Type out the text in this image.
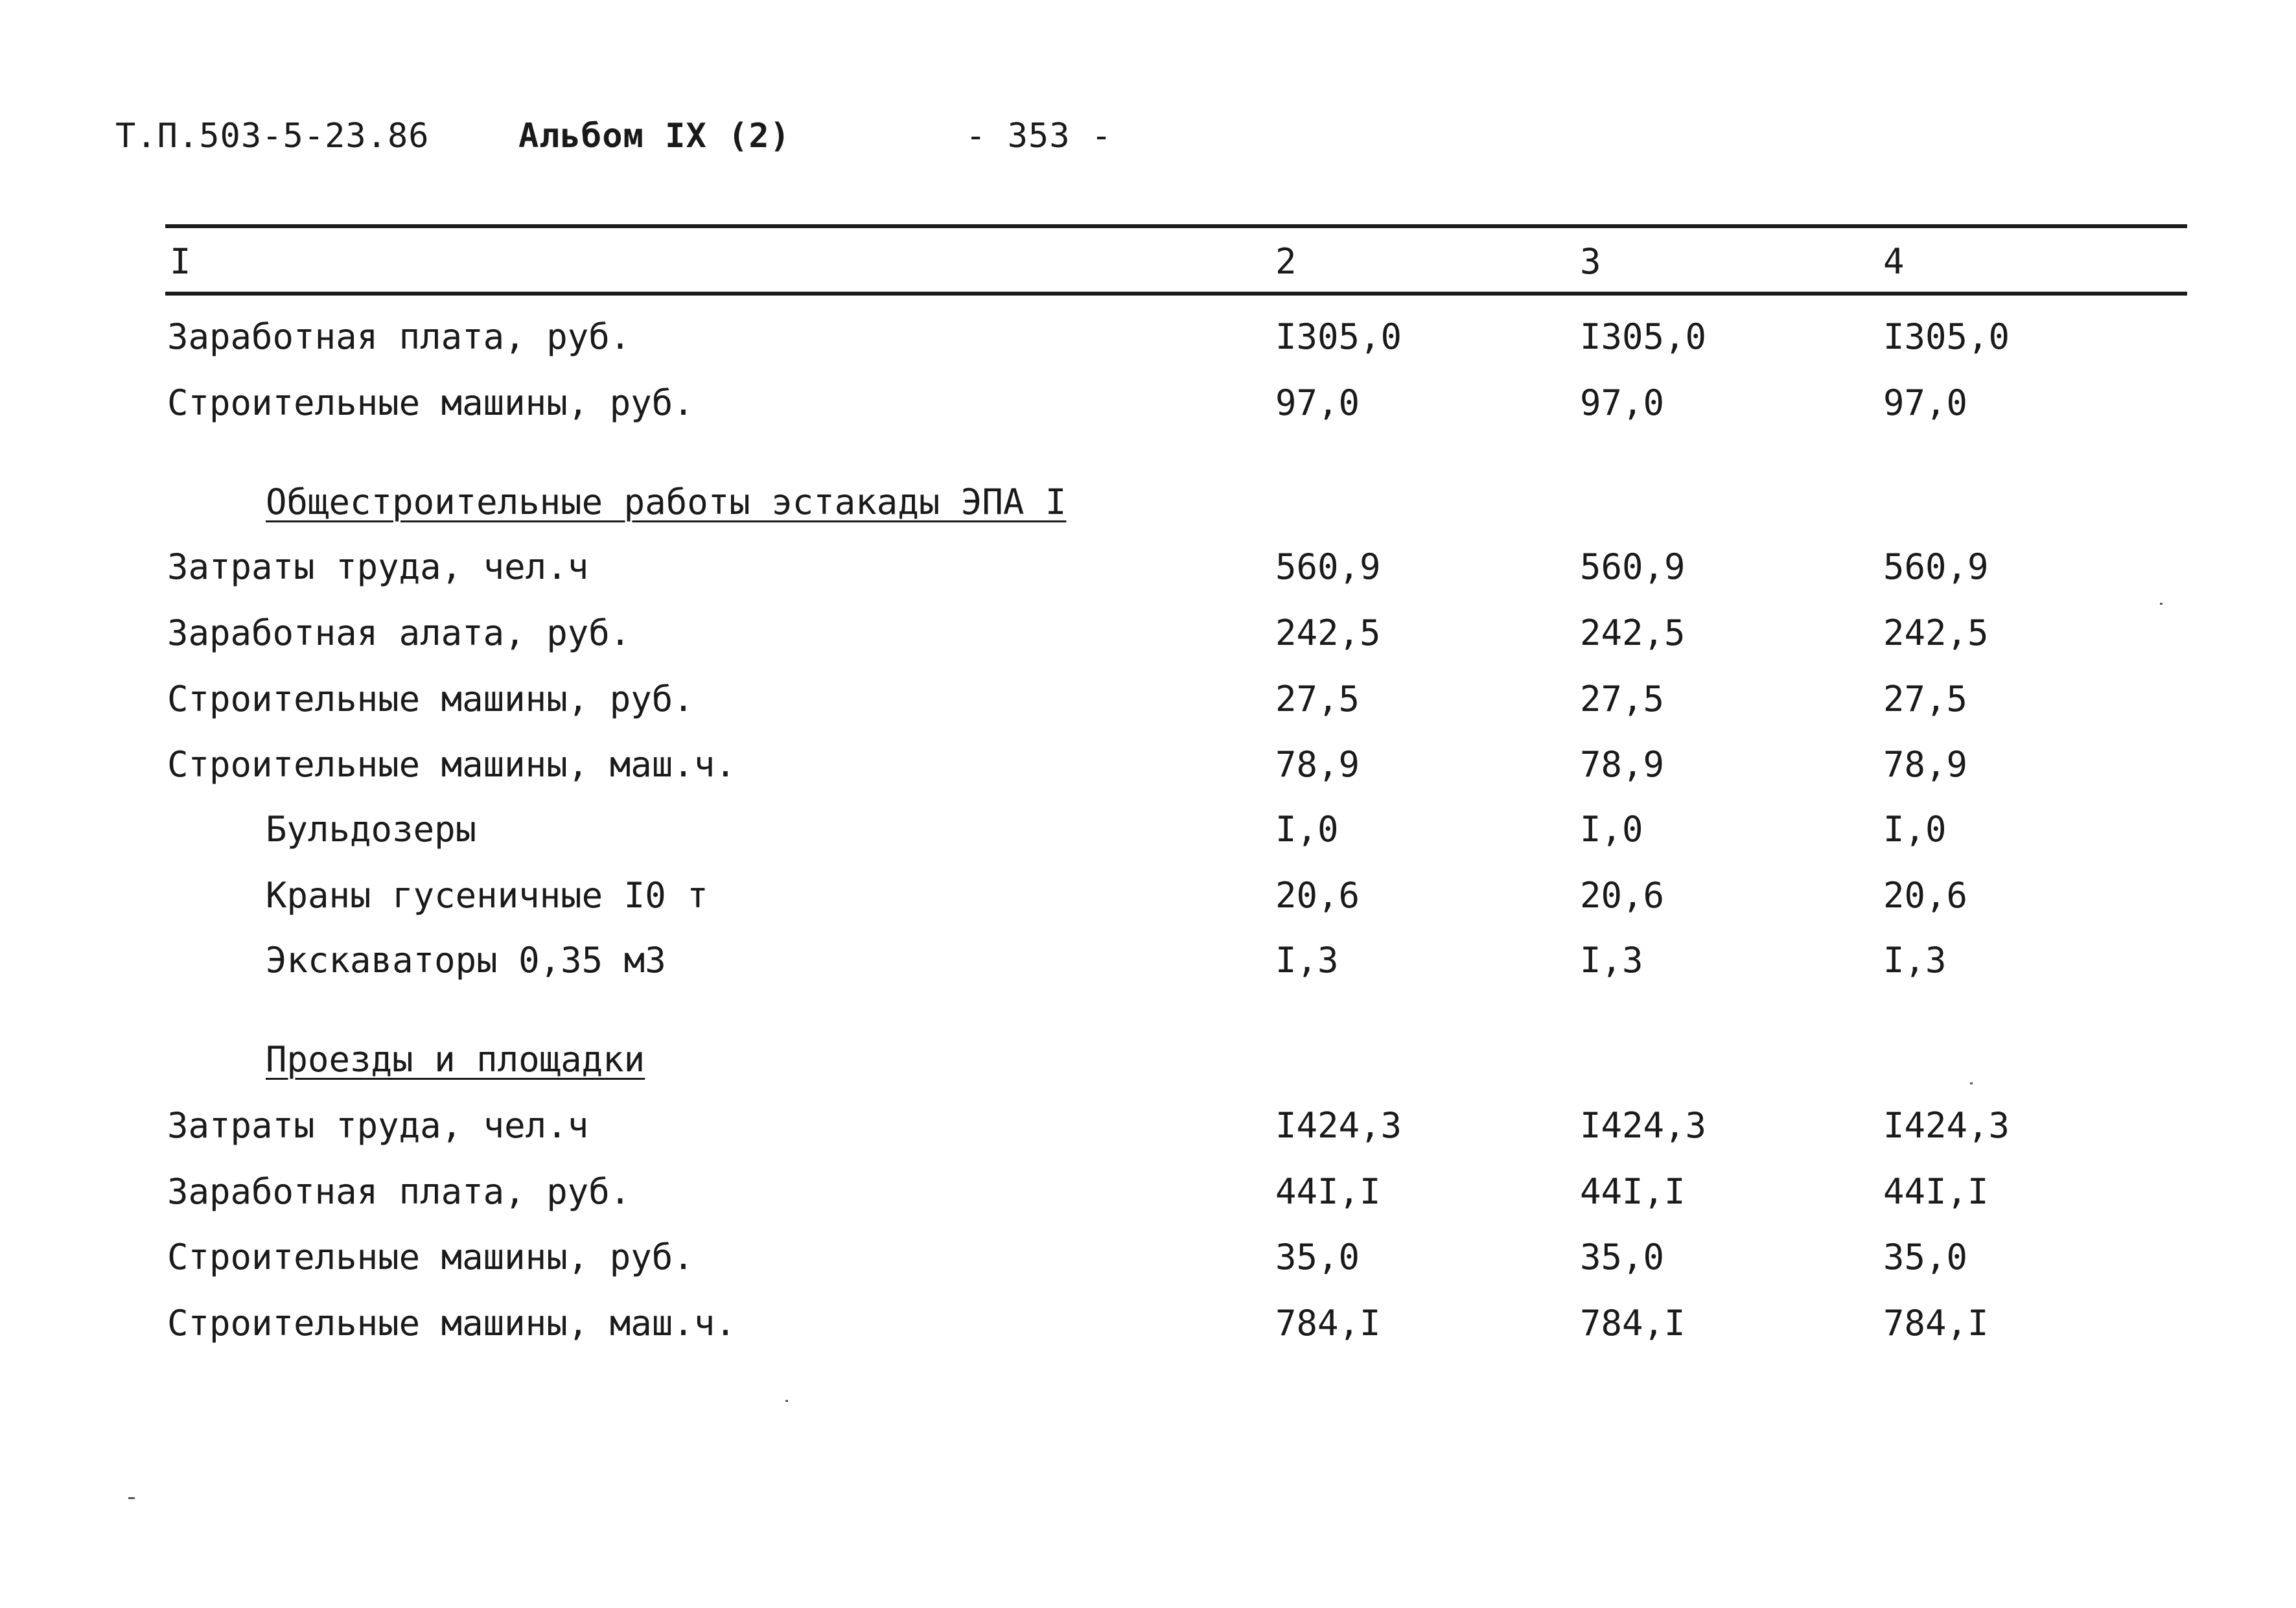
Т.П.503-5-23.86	Альбом IX (2)	- 353 -
I	2	3	4
Заработная плата, руб.	I305,0	I305,0	I305,0
Строительные машины, руб.	97,0	97,0	97,0
Общестроительные работы эстакады ЭПА I
Затраты труда, чел.ч	560,9	560,9	560,9
Заработная алата, руб.	242,5	242,5	242,5
Строительные машины, руб.	27,5	27,5	27,5
Строительные машины, маш.ч.	78,9	78,9	78,9
Бульдозеры	I,0	I,0	I,0
Краны гусеничные I0 т	20,6	20,6	20,6
Экскаваторы 0,35 м3	I,3	I,3	I,3
Проезды и площадки
Затраты труда, чел.ч	I424,3	I424,3	I424,3
Заработная плата, руб.	44I,I	44I,I	44I,I
Строительные машины, руб.	35,0	35,0	35,0
Строительные машины, маш.ч.	784,I	784,I	784,I
